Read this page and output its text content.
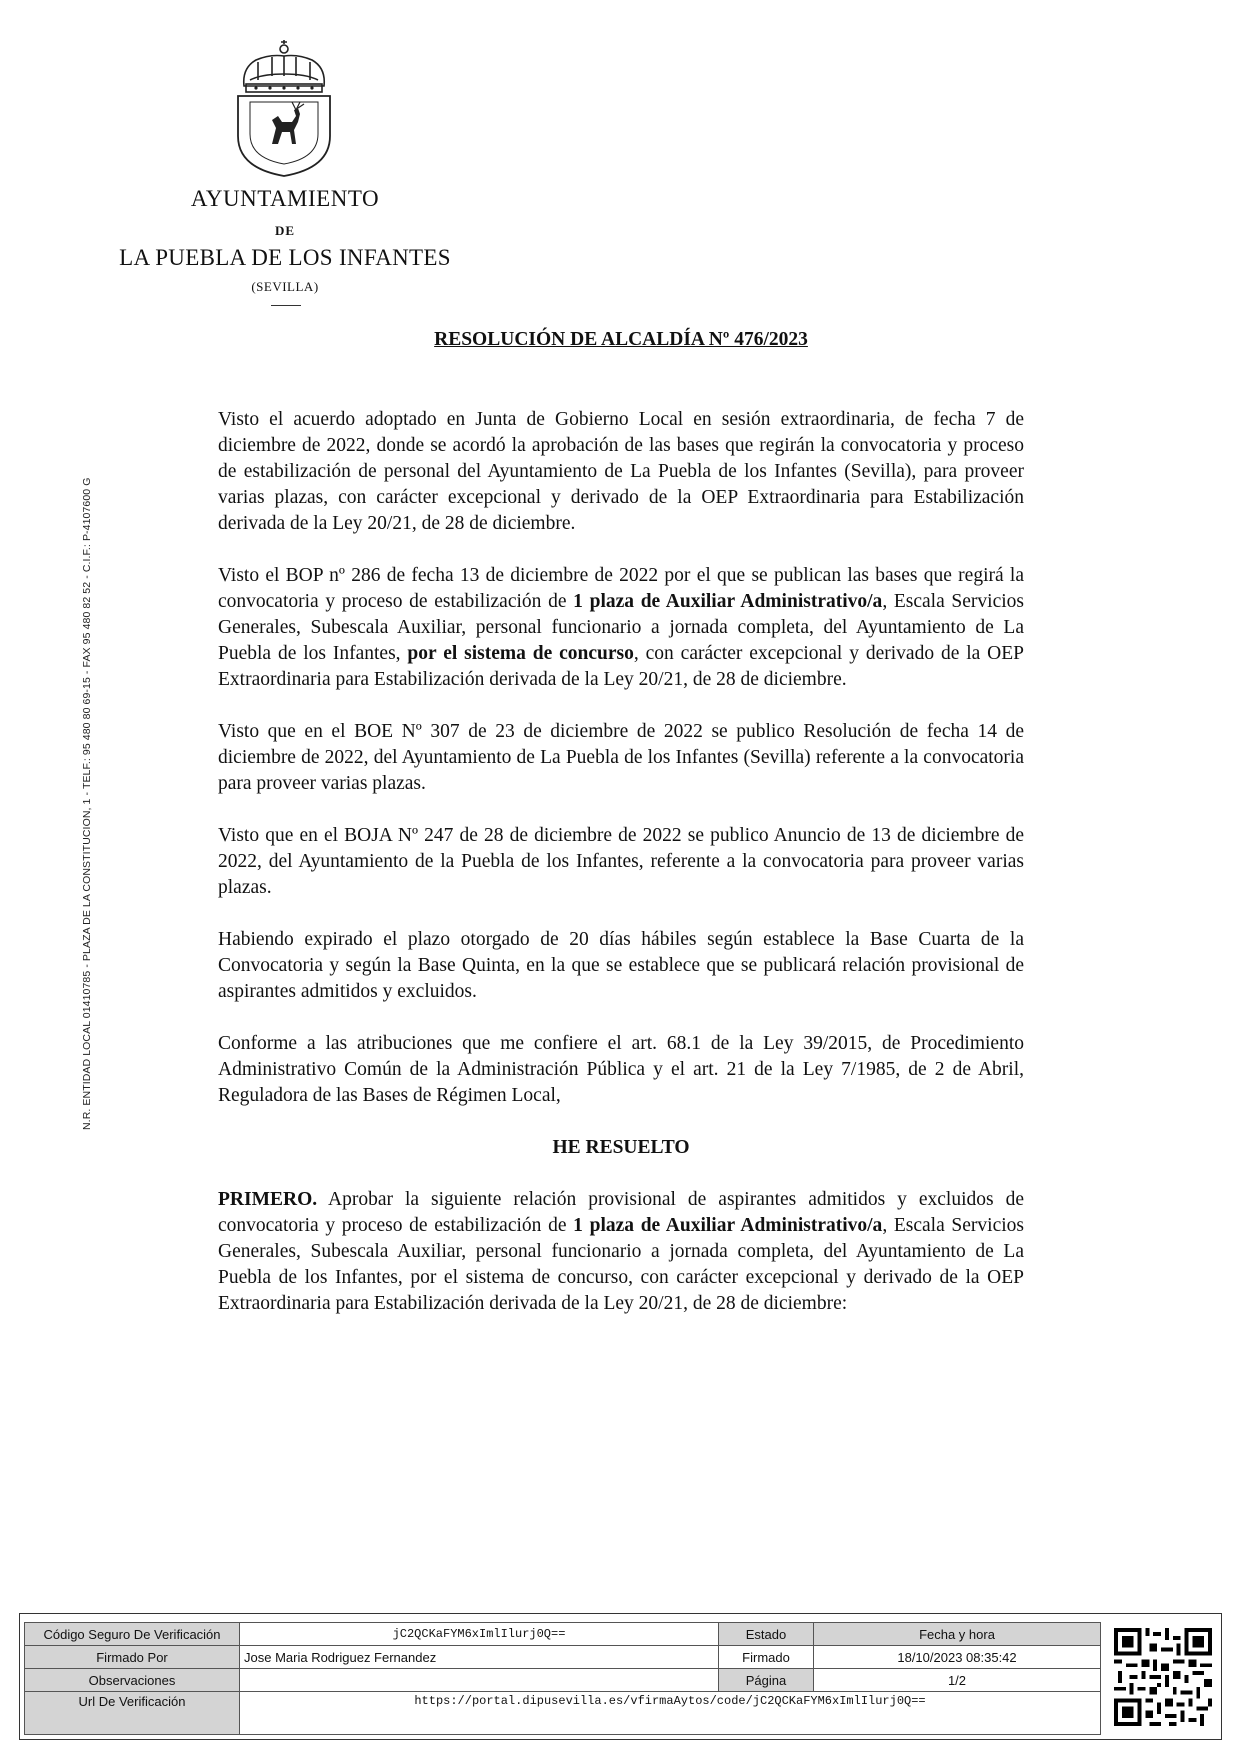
AYUNTAMIENTO
DE
LA PUEBLA DE LOS INFANTES
(SEVILLA)
N.R. ENTIDAD LOCAL 01410785 - PLAZA DE LA CONSTITUCION, 1 - TELF.: 95 480 80 69-15 - FAX 95 480 82 52 - C.I.F.: P-4107600 G
RESOLUCIÓN DE ALCALDÍA Nº 476/2023

Visto el acuerdo adoptado en Junta de Gobierno Local en sesión extraordinaria, de fecha 7 de diciembre de 2022, donde se acordó la aprobación de las bases que regirán la convocatoria y proceso de estabilización de personal del Ayuntamiento de La Puebla de los Infantes (Sevilla), para proveer varias plazas, con carácter excepcional y derivado de la OEP Extraordinaria para Estabilización derivada de la Ley 20/21, de 28 de diciembre.

Visto el BOP nº 286 de fecha 13 de diciembre de 2022 por el que se publican las bases que regirá la convocatoria y proceso de estabilización de 1 plaza de Auxiliar Administrativo/a, Escala Servicios Generales, Subescala Auxiliar, personal funcionario a jornada completa, del Ayuntamiento de La Puebla de los Infantes, por el sistema de concurso, con carácter excepcional y derivado de la OEP Extraordinaria para Estabilización derivada de la Ley 20/21, de 28 de diciembre.

Visto que en el BOE Nº 307 de 23 de diciembre de 2022 se publico Resolución de fecha 14 de diciembre de 2022, del Ayuntamiento de La Puebla de los Infantes (Sevilla) referente a la convocatoria para proveer varias plazas.

Visto que en el BOJA Nº 247 de 28 de diciembre de 2022 se publico Anuncio de 13 de diciembre de 2022, del Ayuntamiento de la Puebla de los Infantes, referente a la convocatoria para proveer varias plazas.

Habiendo expirado el plazo otorgado de 20 días hábiles según establece la Base Cuarta de la Convocatoria y según la Base Quinta, en la que se establece que se publicará relación provisional de aspirantes admitidos y excluidos.

Conforme a las atribuciones que me confiere el art. 68.1 de la Ley 39/2015, de Procedimiento Administrativo Común de la Administración Pública y el art. 21 de la Ley 7/1985, de 2 de Abril, Reguladora de las Bases de Régimen Local,

HE RESUELTO

PRIMERO. Aprobar la siguiente relación provisional de aspirantes admitidos y excluidos de convocatoria y proceso de estabilización de 1 plaza de Auxiliar Administrativo/a, Escala Servicios Generales, Subescala Auxiliar, personal funcionario a jornada completa, del Ayuntamiento de La Puebla de los Infantes, por el sistema de concurso, con carácter excepcional y derivado de la OEP Extraordinaria para Estabilización derivada de la Ley 20/21, de 28 de diciembre:

Código Seguro De Verificación	jC2QCKaFYM6xImlIlurj0Q==	Estado	Fecha y hora
Firmado Por	Jose Maria Rodriguez Fernandez	Firmado	18/10/2023 08:35:42
Observaciones		Página	1/2
Url De Verificación	https://portal.dipusevilla.es/vfirmaAytos/code/jC2QCKaFYM6xImlIlurj0Q==		
